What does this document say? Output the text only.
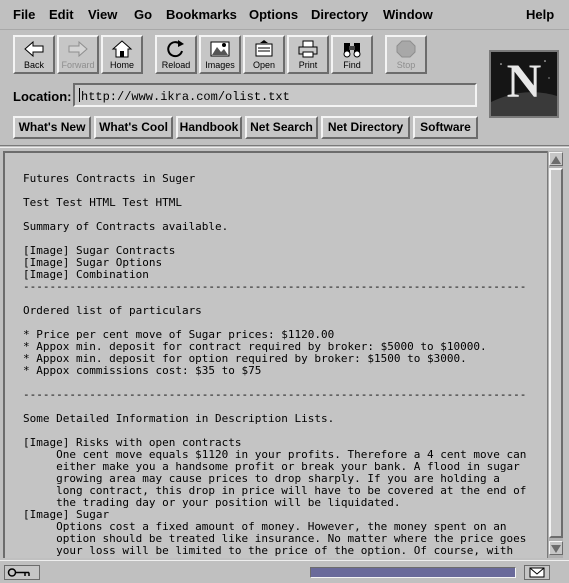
File Edit View Go Bookmarks Options Directory Window	Help
Back	Forward	Home	Reload	Images	Open	Print	Find	Stop	N
Location: http://www.ikra.com/olist.txt
What's New	What's Cool Handbook Net Search	Net Directory	Software
Futures Contracts in Suger

Test Test HTML Test HTML

Summary of Contracts available.

[Image] Sugar Contracts
[Image] Sugar Options
[Image] Combination
----------------------------------------------------------------------------

Ordered list of particulars

* Price per cent move of Sugar prices: $1120.00
* Appox min. deposit for contract required by broker: $5000 to $10000.
* Appox min. deposit for option required by broker: $1500 to $3000.
* Appox commissions cost: $35 to $75

----------------------------------------------------------------------------

Some Detailed Information in Description Lists.

[Image] Risks with open contracts
One cent move equals $1120 in your profits. Therefore a 4 cent move can
either make you a handsome profit or break your bank. A flood in sugar
growing area may cause prices to drop sharply. If you are holding a
long contract, this drop in price will have to be covered at the end of
the trading day or your position will be liquidated.
[Image] Sugar
Options cost a fixed amount of money. However, the money spent on an
option should be treated like insurance. No matter where the price goes
your loss will be limited to the price of the option. Of course, with
